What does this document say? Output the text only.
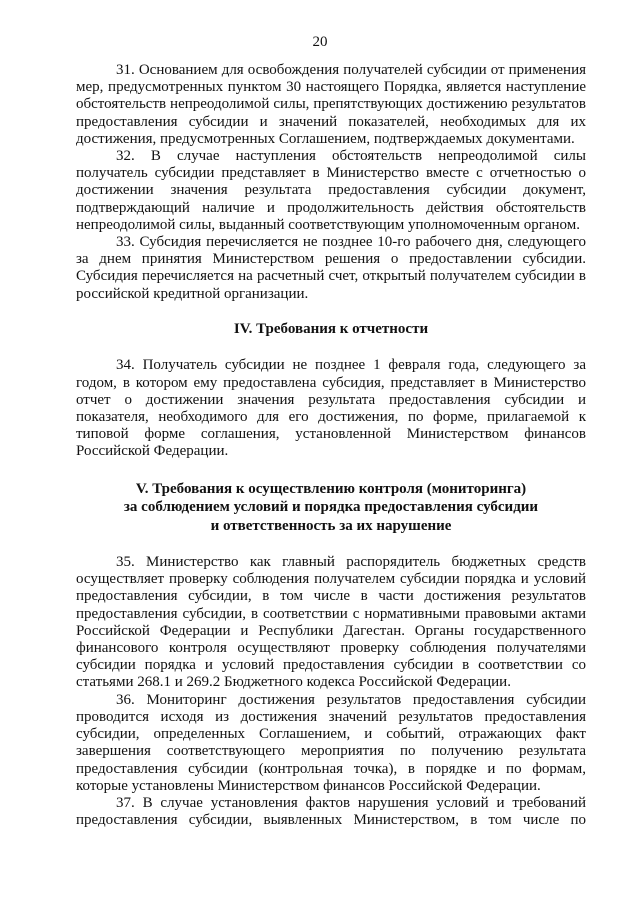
20

31. Основанием для освобождения получателей субсидии от применения мер, предусмотренных пунктом 30 настоящего Порядка, является наступление обстоятельств непреодолимой силы, препятствующих достижению результатов предоставления субсидии и значений показателей, необходимых для их достижения, предусмотренных Соглашением, подтверждаемых документами.

32. В случае наступления обстоятельств непреодолимой силы получатель субсидии представляет в Министерство вместе с отчетностью о достижении значения результата предоставления субсидии документ, подтверждающий наличие и продолжительность действия обстоятельств непреодолимой силы, выданный соответствующим уполномоченным органом.

33. Субсидия перечисляется не позднее 10-го рабочего дня, следующего за днем принятия Министерством решения о предоставлении субсидии. Субсидия перечисляется на расчетный счет, открытый получателем субсидии в российской кредитной организации.

IV. Требования к отчетности

34. Получатель субсидии не позднее 1 февраля года, следующего за годом, в котором ему предоставлена субсидия, представляет в Министерство отчет о достижении значения результата предоставления субсидии и показателя, необходимого для его достижения, по форме, прилагаемой к типовой форме соглашения, установленной Министерством финансов Российской Федерации.

V. Требования к осуществлению контроля (мониторинга)
за соблюдением условий и порядка предоставления субсидии
и ответственность за их нарушение

35. Министерство как главный распорядитель бюджетных средств осуществляет проверку соблюдения получателем субсидии порядка и условий предоставления субсидии, в том числе в части достижения результатов предоставления субсидии, в соответствии с нормативными правовыми актами Российской Федерации и Республики Дагестан. Органы государственного финансового контроля осуществляют проверку соблюдения получателями субсидии порядка и условий предоставления субсидии в соответствии со статьями 268.1 и 269.2 Бюджетного кодекса Российской Федерации.

36. Мониторинг достижения результатов предоставления субсидии проводится исходя из достижения значений результатов предоставления субсидии, определенных Соглашением, и событий, отражающих факт завершения соответствующего мероприятия по получению результата предоставления субсидии (контрольная точка), в порядке и по формам, которые установлены Министерством финансов Российской Федерации.

37. В случае установления фактов нарушения условий и требований предоставления субсидии, выявленных Министерством, в том числе по
